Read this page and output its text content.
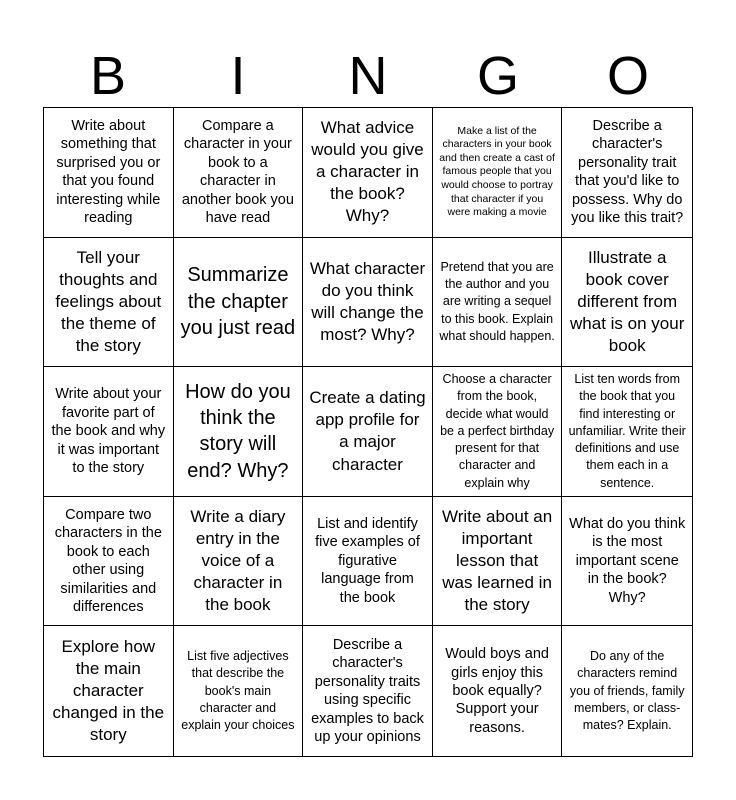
B	I	N	G	O
Write about something that surprised you or that you found interesting while reading
Compare a character in your book to a character in another book you have read
What advice would you give a character in the book? Why?
Make a list of the characters in your book and then create a cast of famous people that you would choose to portray that character if you were making a movie
Describe a character's personality trait that you'd like to possess. Why do you like this trait?
Tell your thoughts and feelings about the theme of the story
Summarize the chapter you just read
What character do you think will change the most? Why?
Pretend that you are the author and you are writing a sequel to this book. Explain what should happen.
Illustrate a book cover different from what is on your book
Write about your favorite part of the book and why it was important to the story
How do you think the story will end? Why?
Create a dating app profile for a major character
Choose a character from the book, decide what would be a perfect birthday present for that character and explain why
List ten words from the book that you find interesting or unfamiliar. Write their definitions and use them each in a sentence.
Compare two characters in the book to each other using similarities and differences
Write a diary entry in the voice of a character in the book
List and identify five examples of figurative language from the book
Write about an important lesson that was learned in the story
What do you think is the most important scene in the book? Why?
Explore how the main character changed in the story
List five adjectives that describe the book's main character and explain your choices
Describe a character's personality traits using specific examples to back up your opinions
Would boys and girls enjoy this book equally? Support your reasons.
Do any of the characters remind you of friends, family members, or class-mates? Explain.
